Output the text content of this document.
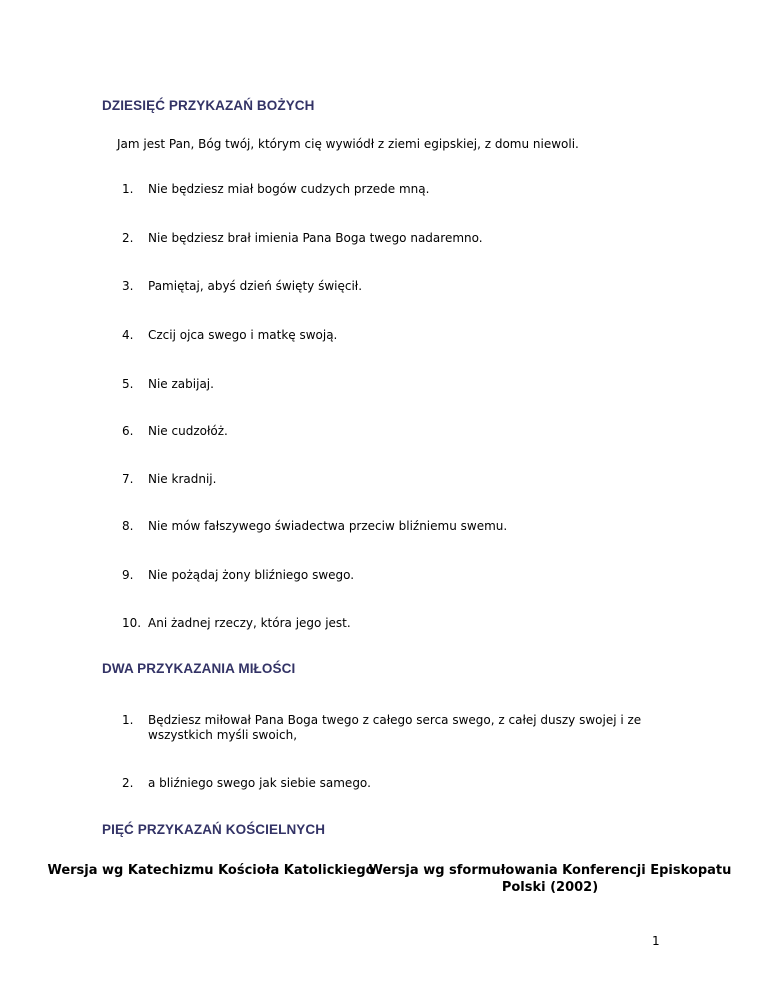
DZIESIĘĆ PRZYKAZAŃ BOŻYCH
Jam jest Pan, Bóg twój, którym cię wywiódł z ziemi egipskiej, z domu niewoli.
1.	Nie będziesz miał bogów cudzych przede mną.
2.	Nie będziesz brał imienia Pana Boga twego nadaremno.
3.	Pamiętaj, abyś dzień święty święcił.
4.	Czcij ojca swego i matkę swoją.
5.	Nie zabijaj.
6.	Nie cudzołóż.
7.	Nie kradnij.
8.	Nie mów fałszywego świadectwa przeciw bliźniemu swemu.
9.	Nie pożądaj żony bliźniego swego.
10. Ani żadnej rzeczy, która jego jest.
DWA PRZYKAZANIA MIŁOŚCI
1.	Będziesz miłował Pana Boga twego z całego serca swego, z całej duszy swojej i ze
wszystkich myśli swoich,
2.	a bliźniego swego jak siebie samego.
PIĘĆ PRZYKAZAŃ KOŚCIELNYCH
Wersja wg Katechizmu Kościoła Katolickiego
Wersja wg sformułowania Konferencji Episkopatu
Polski (2002)
1
